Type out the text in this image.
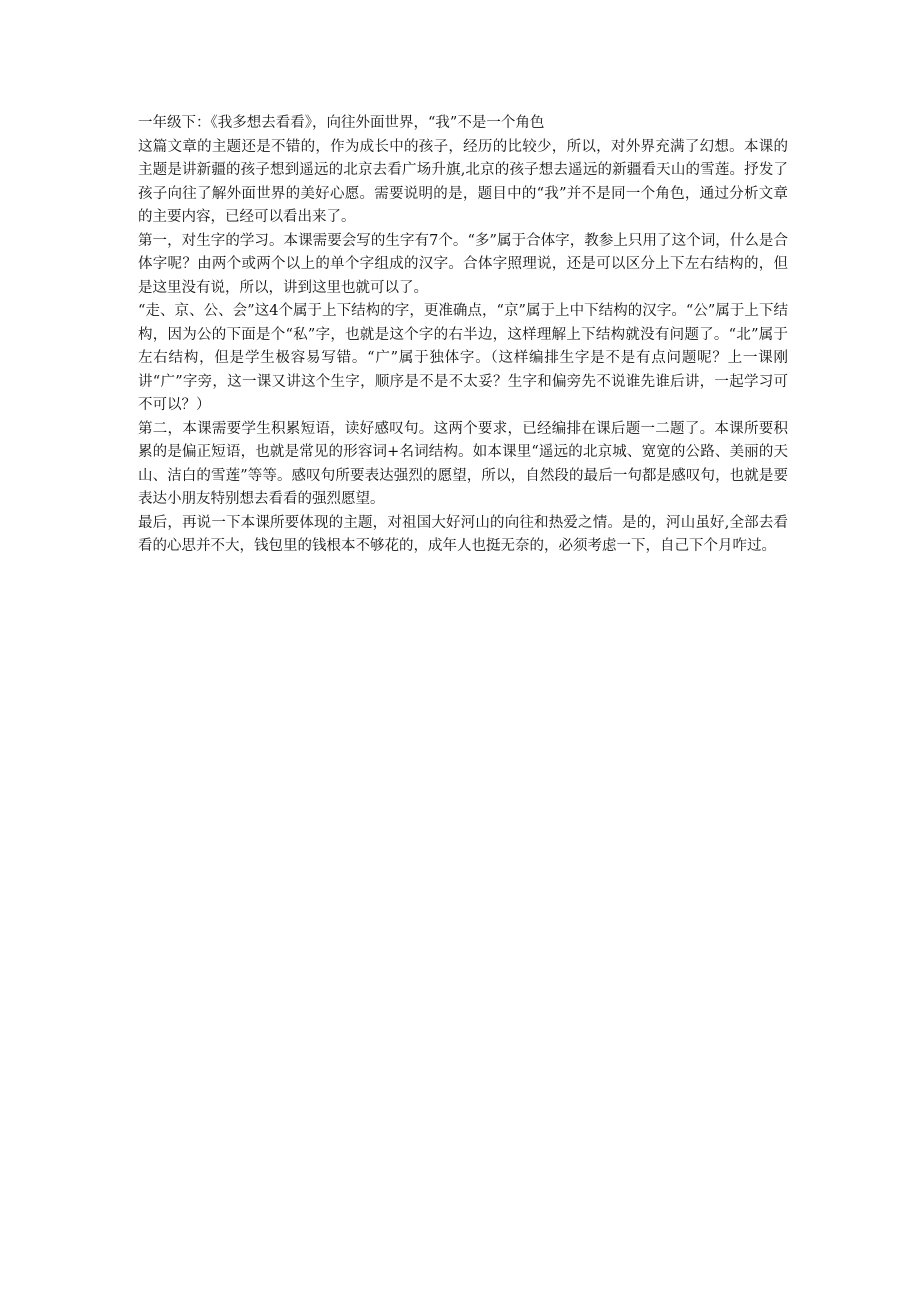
一年级下：《我多想去看看》，向往外面世界，“我”不是一个角色

这篇文章的主题还是不错的，作为成长中的孩子，经历的比较少，所以，对外界充满了幻想。本课的主题是讲新疆的孩子想到遥远的北京去看广场升旗,北京的孩子想去遥远的新疆看天山的雪莲。抒发了孩子向往了解外面世界的美好心愿。需要说明的是，题目中的“我”并不是同一个角色，通过分析文章的主要内容，已经可以看出来了。

第一，对生字的学习。本课需要会写的生字有7个。“多”属于合体字，教参上只用了这个词，什么是合体字呢？由两个或两个以上的单个字组成的汉字。合体字照理说，还是可以区分上下左右结构的，但是这里没有说，所以，讲到这里也就可以了。

“走、京、公、会”这4个属于上下结构的字，更准确点，“京”属于上中下结构的汉字。“公”属于上下结构，因为公的下面是个“私”字，也就是这个字的右半边，这样理解上下结构就没有问题了。“北”属于左右结构，但是学生极容易写错。“广”属于独体字。（这样编排生字是不是有点问题呢？上一课刚讲“广”字旁，这一课又讲这个生字，顺序是不是不太妥？生字和偏旁先不说谁先谁后讲，一起学习可不可以？）

第二，本课需要学生积累短语，读好感叹句。这两个要求，已经编排在课后题一二题了。本课所要积累的是偏正短语，也就是常见的形容词+名词结构。如本课里“遥远的北京城、宽宽的公路、美丽的天山、洁白的雪莲”等等。感叹句所要表达强烈的愿望，所以，自然段的最后一句都是感叹句，也就是要表达小朋友特别想去看看的强烈愿望。

最后，再说一下本课所要体现的主题，对祖国大好河山的向往和热爱之情。是的，河山虽好,全部去看看的心思并不大，钱包里的钱根本不够花的，成年人也挺无奈的，必须考虑一下，自己下个月咋过。
